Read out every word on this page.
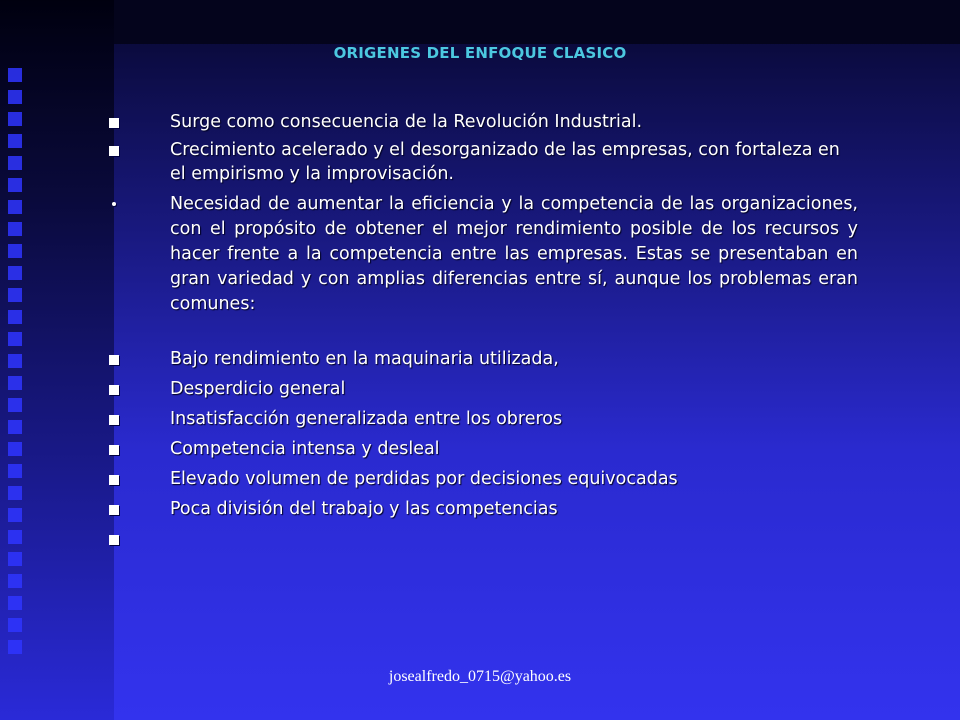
ORIGENES DEL ENFOQUE CLASICO
Surge como consecuencia de la Revolución Industrial.
Crecimiento acelerado y el desorganizado de las empresas, con fortaleza en el empirismo y la improvisación.
Necesidad de aumentar la eficiencia y la competencia de las organizaciones, con el propósito de obtener el mejor rendimiento posible de los recursos y hacer frente a la competencia entre las empresas. Estas se presentaban en gran variedad y con amplias diferencias entre sí, aunque los problemas eran comunes:
Bajo rendimiento en la maquinaria utilizada,
Desperdicio general
Insatisfacción generalizada entre los obreros
Competencia intensa y desleal
Elevado volumen de perdidas por decisiones equivocadas
Poca división del trabajo y las competencias
josealfredo_0715@yahoo.es
